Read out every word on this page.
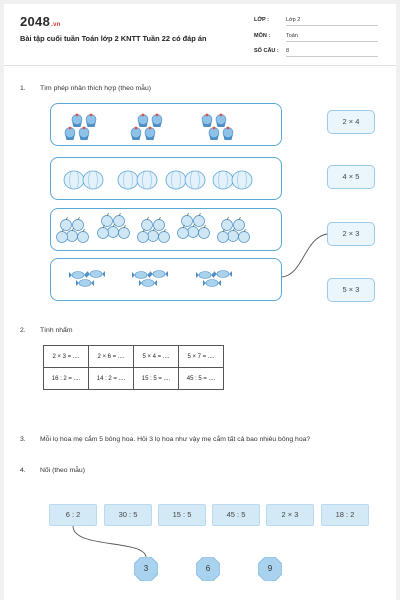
2048.vn
Bài tập cuối tuần Toán lớp 2 KNTT Tuần 22 có đáp án
LỚP :	Lớp 2
MÔN :	Toán
SỐ CÂU : 8
1. Tìm phép nhân thích hợp (theo mẫu)
2 × 4
4 × 5
2 × 3
5 × 3
2. Tính nhẩm
2 × 3 = ....	2 × 6 = ....	5 × 4 = ....	5 × 7 = ....
16 : 2 = ....	14 : 2 = ....	15 : 5 = ....	45 : 5 = ....
3. Mỗi lọ hoa mẹ cắm 5 bông hoa. Hỏi 3 lọ hoa như vậy mẹ cắm tất cả bao nhiêu bông hoa?
4. Nối (theo mẫu)
6 : 2	30 : 5	15 : 5	45 : 5	2 × 3	18 : 2
3	6	9
